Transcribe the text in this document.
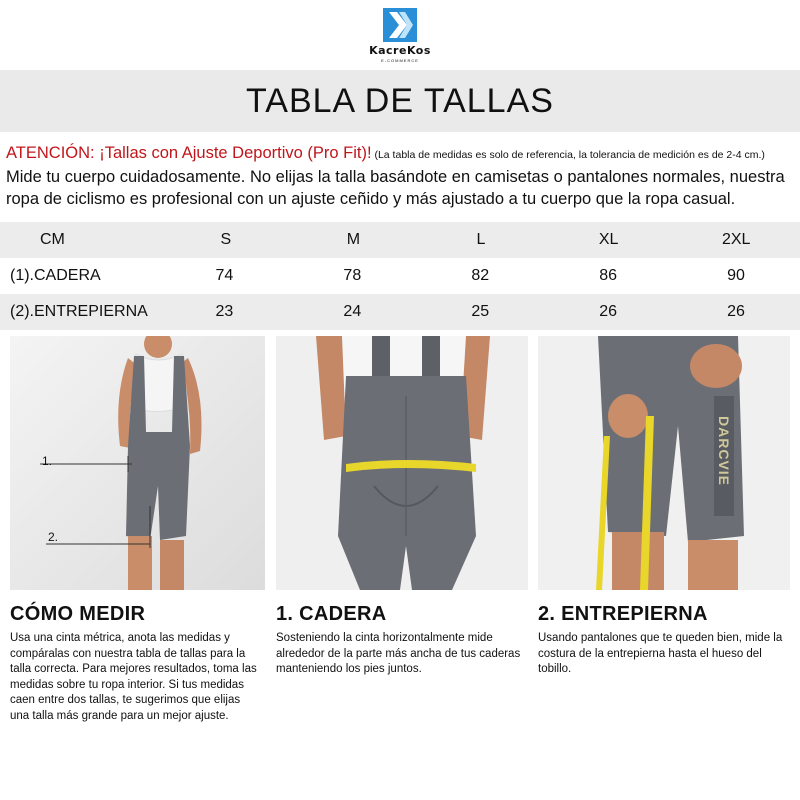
KacreKos
E-COMMERCE
TABLA DE TALLAS
ATENCIÓN: ¡Tallas con Ajuste Deportivo (Pro Fit)! (La tabla de medidas es solo de referencia, la tolerancia de medición es de 2-4 cm.)
Mide tu cuerpo cuidadosamente. No elijas la talla basándote en camisetas o pantalones normales, nuestra ropa de ciclismo es profesional con un ajuste ceñido y más ajustado a tu cuerpo que la ropa casual.
CM	S	M	L	XL	2XL
(1).CADERA	74	78	82	86	90
(2).ENTREPIERNA	23	24	25	26	26
1.
2.
DARCVIE
CÓMO MEDIR

Usa una cinta métrica, anota las medidas y compáralas con nuestra tabla de tallas para la talla correcta. Para mejores resultados, toma las medidas sobre tu ropa interior. Si tus medidas caen entre dos tallas, te sugerimos que elijas una talla más grande para un mejor ajuste.

1. CADERA

Sosteniendo la cinta horizontalmente mide alrededor de la parte más ancha de tus caderas manteniendo los pies juntos.

2. ENTREPIERNA

Usando pantalones que te queden bien, mide la costura de la entrepierna hasta el hueso del tobillo.
